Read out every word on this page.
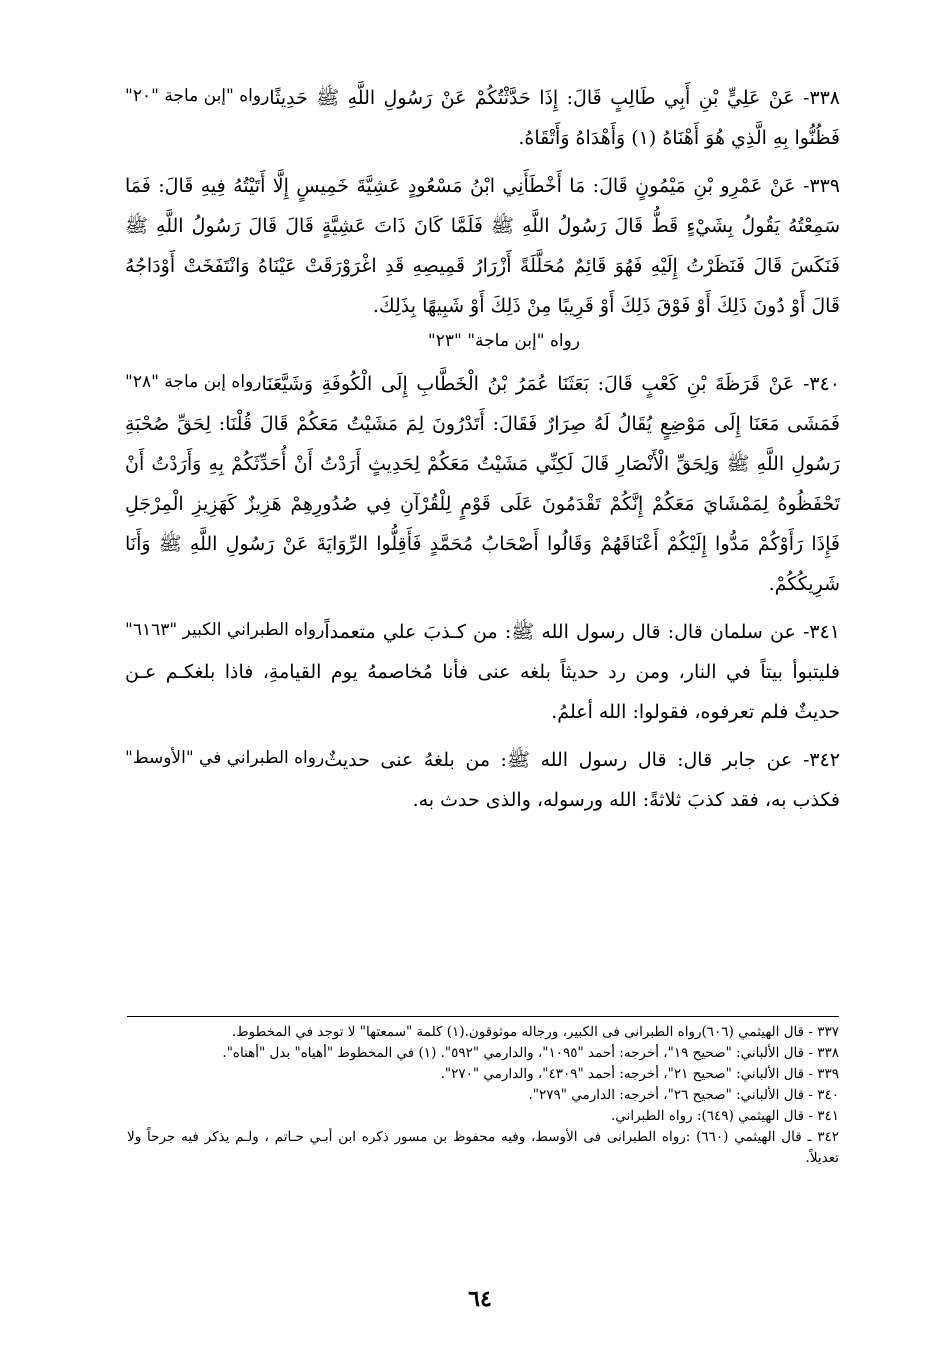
رواه "إبن ماجة "٢٠" ٣٣٨- عَنْ عَلِيٍّ بْنِ أَبِي طَالِبٍ قَالَ: إِذَا حَدَّثْتُكُمْ عَنْ رَسُولِ اللَّهِ ﷺ حَدِيثًا فَظُنُّوا بِهِ الَّذِي هُوَ أَهْنَاهُ (١) وَأَهْدَاهُ وَأَتْقَاهُ.

٣٣٩- عَنْ عَمْرِو بْنِ مَيْمُونٍ قَالَ: مَا أَخْطَأَنِي ابْنُ مَسْعُودٍ عَشِيَّةَ خَمِيسٍ إِلَّا أَتَيْتُهُ فِيهِ قَالَ: فَمَا سَمِعْتُهُ يَقُولُ بِشَيْءٍ قَطُّ قَالَ رَسُولُ اللَّهِ ﷺ فَلَمَّا كَانَ ذَاتَ عَشِيَّةٍ قَالَ قَالَ رَسُولُ اللَّهِ ﷺ فَنَكَسَ قَالَ فَنَظَرْتُ إِلَيْهِ فَهُوَ قَائِمٌ مُحَلَّلَةً أَزْرَارُ قَمِيصِهِ قَدِ اغْرَوْرَقَتْ عَيْنَاهُ وَانْتَفَخَتْ أَوْدَاجُهُ قَالَ أَوْ دُونَ ذَلِكَ أَوْ فَوْقَ ذَلِكَ أَوْ قَرِيبًا مِنْ ذَلِكَ أَوْ شَبِيهًا بِذَلِكَ.

رواه "إبن ماجة" "٢٣"

رواه إبن ماجة "٢٨" ٣٤٠- عَنْ قَرَظَةَ بْنِ كَعْبٍ قَالَ: بَعَثَنَا عُمَرُ بْنُ الْخَطَّابِ إِلَى الْكُوفَةِ وَشَيَّعَنَا فَمَشَى مَعَنَا إِلَى مَوْضِعٍ يُقَالُ لَهُ صِرَارٌ فَقَالَ: أَتَدْرُونَ لِمَ مَشَيْتُ مَعَكُمْ قَالَ قُلْنَا: لِحَقِّ صُحْبَةِ رَسُولِ اللَّهِ ﷺ وَلِحَقِّ الْأَنْصَارِ قَالَ لَكِنِّي مَشَيْتُ مَعَكُمْ لِحَدِيثٍ أَرَدْتُ أَنْ أُحَدِّثَكُمْ بِهِ وَأَرَدْتُ أَنْ تَحْفَظُوهُ لِمَمْشَايَ مَعَكُمْ إِنَّكُمْ تَقْدَمُونَ عَلَى قَوْمٍ لِلْقُرْآنِ فِي صُدُورِهِمْ هَزِيزٌ كَهَزِيزِ الْمِرْجَلِ فَإِذَا رَأَوْكُمْ مَدُّوا إِلَيْكُمْ أَعْنَاقَهُمْ وَقَالُوا أَصْحَابُ مُحَمَّدٍ فَأَقِلُّوا الرِّوَايَةَ عَنْ رَسُولِ اللَّهِ ﷺ وَأَنَا شَرِيكُكُمْ.

رواه الطبراني الكبير "٦١٦٣" ٣٤١- عن سلمان قال: قال رسول الله ﷺ: من كـذبَ علي متعمداً فليتبوأ بيتاً في النار، ومن رد حديثاً بلغه عنى فأنا مُخاصمهُ يوم القيامةِ، فاذا بلغكـم عـن حديثٌ فلم تعرفوه، فقولوا: الله أعلمُ.

رواه الطبراني في "الأوسط" ٣٤٢- عن جابر قال: قال رسول الله ﷺ: من بلغهُ عنى حديثٌ فكذب به، فقد كذبَ ثلاثةً: الله ورسوله، والذى حدث به.

٣٣٧ - قال الهيثمي (٦٠٦)رواه الطبرانى فى الكبير، ورجاله موثوقون.(١) كلمة "سمعتها" لا توجد في المخطوط.
٣٣٨ - قال الألباني: "صحيح ١٩"، أخرجه: أحمد "١٠٩٥"، والدارمي "٥٩٢". (١) في المخطوط "أهياه" بدل "أهناه".
٣٣٩ - قال الألباني: "صحيح ٢١"، أخرجه: أحمد "٤٣٠٩"، والدارمي "٢٧٠".
٣٤٠ - قال الألباني: "صحيح ٢٦"، أخرجه: الدارمي "٢٧٩".
٣٤١ - قال الهيثمي (٦٤٩): رواه الطبراني.
٣٤٢ ـ قال الهيثمي (٦٦٠) :رواه الطبرانى فى الأوسط، وفيه محفوظ بن مسور ذكره ابن أبـي حـاتم ، ولـم يذكر فيه جرحاً ولا تعديلاً.
٦٤
